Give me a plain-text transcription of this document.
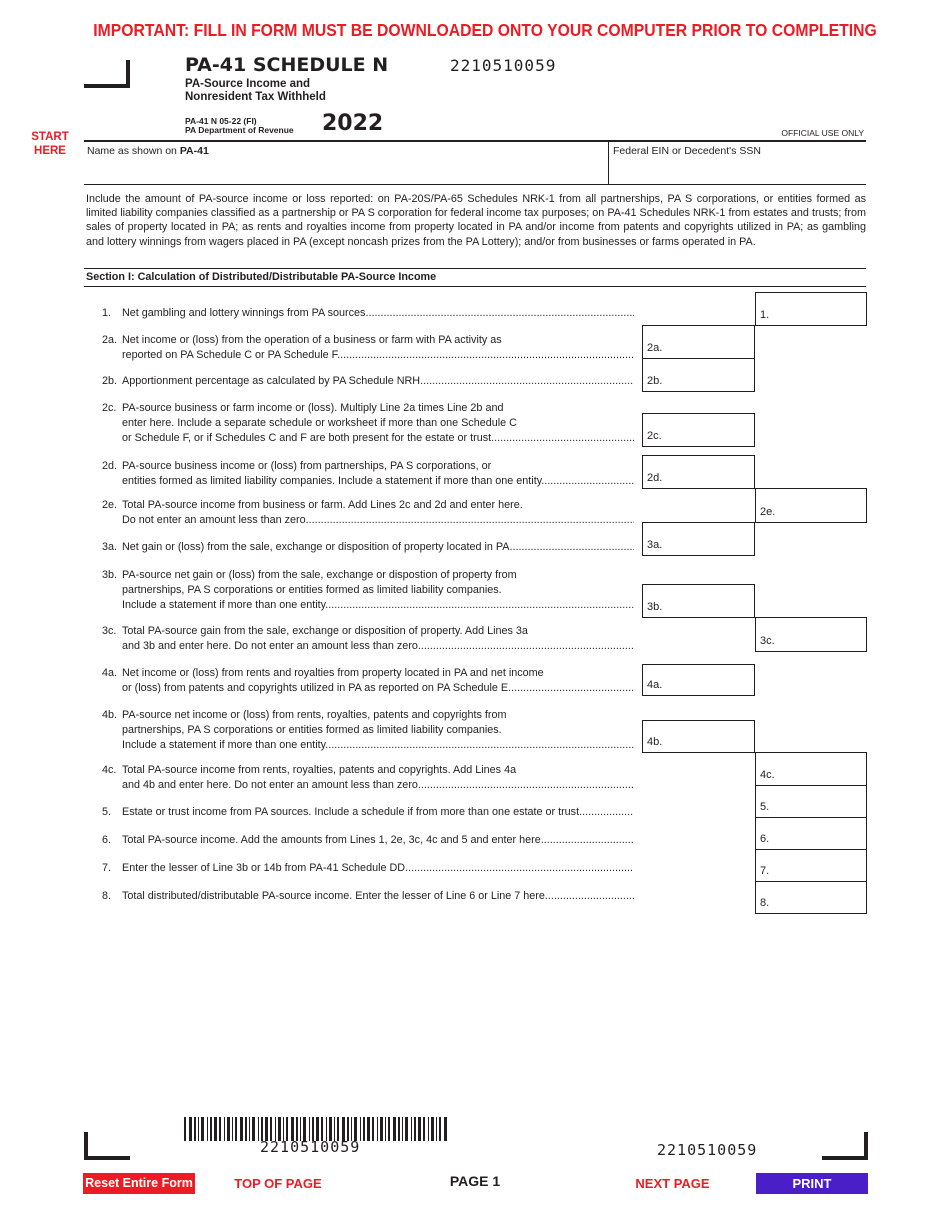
IMPORTANT: FILL IN FORM MUST BE DOWNLOADED ONTO YOUR COMPUTER PRIOR TO COMPLETING
PA-41 SCHEDULE N	2210510059
PA-Source Income and
Nonresident Tax Withheld
PA-41 N 05-22 (FI)
PA Department of Revenue 2022	OFFICIAL USE ONLY
START
HERE	Name as shown on PA-41	Federal EIN or Decedent's SSN
Include the amount of PA-source income or loss reported: on PA-20S/PA-65 Schedules NRK-1 from all partnerships, PA S corporations, or entities formed as limited liability companies classified as a partnership or PA S corporation for federal income tax purposes; on PA-41 Schedules NRK-1 from estates and trusts; from sales of property located in PA; as rents and royalties income from property located in PA and/or income from patents and copyrights utilized in PA; as gambling and lottery winnings from wagers placed in PA (except noncash prizes from the PA Lottery); and/or from businesses or farms operated in PA.
Section I: Calculation of Distributed/Distributable PA-Source Income
1. Net gambling and lottery winnings from PA sources. .....	1.
2a. Net income or (loss) from the operation of a business or farm with PA activity as
reported on PA Schedule C or PA Schedule F.
.....
2a.
2b. Apportionment percentage as calculated by PA Schedule NRH. .....	2b.
2c. PA-source business or farm income or (loss). Multiply Line 2a times Line 2b and
enter here. Include a separate schedule or worksheet if more than one Schedule C
or Schedule F, or if Schedules C and F are both present for the estate or trust. .....	2c.
2d. PA-source business income or (loss) from partnerships, PA S corporations, or
entities formed as limited liability companies. Include a statement if more than one entity. .....	2d.
2e. Total PA-source income from business or farm. Add Lines 2c and 2d and enter here.
Do not enter an amount less than zero.
.....
2e.
3a. Net gain or (loss) from the sale, exchange or disposition of property located in PA. .....	3a.
3b. PA-source net gain or (loss) from the sale, exchange or dispostion of property from
partnerships, PA S corporations or entities formed as limited liability companies.
Include a statement if more than one entity. .....	3b.
3c. Total PA-source gain from the sale, exchange or disposition of property. Add Lines 3a
and 3b and enter here. Do not enter an amount less than zero. .....	3c.
4a. Net income or (loss) from rents and royalties from property located in PA and net income
or (loss) from patents and copyrights utilized in PA as reported on PA Schedule E. .....	4a.
4b. PA-source net income or (loss) from rents, royalties, patents and copyrights from
partnerships, PA S corporations or entities formed as limited liability companies.
Include a statement if more than one entity. .....	4b.
4c. Total PA-source income from rents, royalties, patents and copyrights. Add Lines 4a
and 4b and enter here. Do not enter an amount less than zero.
.....
4c.
5. Estate or trust income from PA sources. Include a schedule if from more than one estate or trust. .....	5.
6. Total PA-source income. Add the amounts from Lines 1, 2e, 3c, 4c and 5 and enter here. .....	6.
7. Enter the lesser of Line 3b or 14b from PA-41 Schedule DD. .....	7.
8. Total distributed/distributable PA-source income. Enter the lesser of Line 6 or Line 7 here.
.....
8.
2210510059	2210510059
Reset Entire Form	TOP OF PAGE	PAGE 1	NEXT PAGE	PRINT
